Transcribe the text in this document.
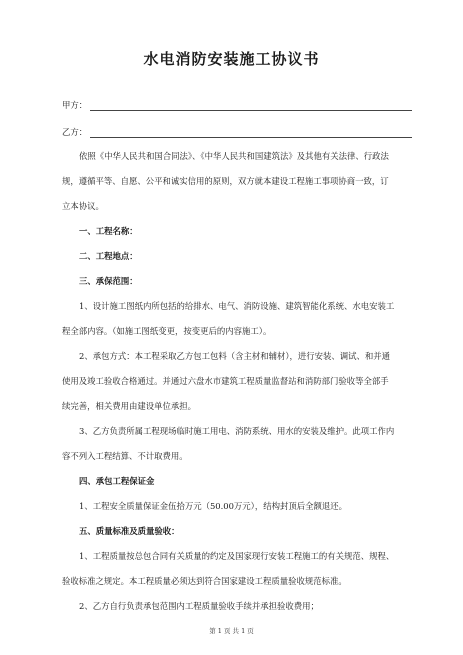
水电消防安装施工协议书
甲方：
乙方：

依照《中华人民共和国合同法》、《中华人民共和国建筑法》及其他有关法律、行政法

规，遵循平等、自愿、公平和诚实信用的原则，双方就本建设工程施工事项协商一致，订

立本协议。

一、工程名称：

二、工程地点：

三、承保范围：

1、设计施工图纸内所包括的给排水、电气、消防设施、建筑智能化系统、水电安装工

程全部内容。（如施工图纸变更，按变更后的内容施工）。

2、承包方式：本工程采取乙方包工包料（含主材和辅材），进行安装、调试、和并通

使用及竣工验收合格通过。并通过六盘水市建筑工程质量监督站和消防部门验收等全部手

续完善，相关费用由建设单位承担。

3、乙方负责所属工程现场临时施工用电、消防系统、用水的安装及维护。此项工作内

容不列入工程结算、不计取费用。

四、承包工程保证金

1、工程安全质量保证金伍拾万元（50.00万元），结构封顶后全额退还。

五、质量标准及质量验收：

1、工程质量按总包合同有关质量的约定及国家现行安装工程施工的有关规范、规程、

验收标准之规定。本工程质量必须达到符合国家建设工程质量验收规范标准。

2、乙方自行负责承包范围内工程质量验收手续并承担验收费用；

第 1 页 共 1 页
